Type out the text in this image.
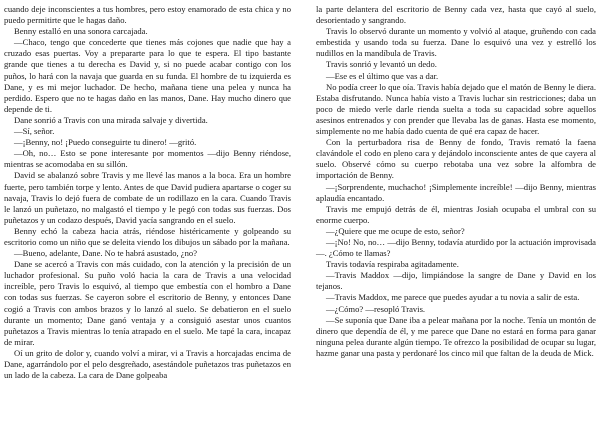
cuando deje inconscientes a tus hombres, pero estoy enamorado de esta chica y no puedo permitirte que le hagas daño.

Benny estalló en una sonora carcajada.

—Chaco, tengo que concederte que tienes más cojones que nadie que hay a cruzado esas puertas. Voy a prepararte para lo que te espera. El tipo bastante grande que tienes a tu derecha es David y, si no puede acabar contigo con los puños, lo hará con la navaja que guarda en su funda. El hombre de tu izquierda es Dane, y es mi mejor luchador. De hecho, mañana tiene una pelea y nunca ha perdido. Espero que no te hagas daño en las manos, Dane. Hay mucho dinero que depende de ti.

Dane sonrió a Travis con una mirada salvaje y divertida.

—Sí, señor.

—¡Benny, no! ¡Puedo conseguirte tu dinero! —gritó.

—Oh, no… Esto se pone interesante por momentos —dijo Benny riéndose, mientras se acomodaba en su sillón.

David se abalanzó sobre Travis y me llevé las manos a la boca. Era un hombre fuerte, pero también torpe y lento. Antes de que David pudiera apartarse o coger su navaja, Travis lo dejó fuera de combate de un rodillazo en la cara. Cuando Travis le lanzó un puñetazo, no malgastó el tiempo y le pegó con todas sus fuerzas. Dos puñetazos y un codazo después, David yacía sangrando en el suelo.

Benny echó la cabeza hacia atrás, riéndose histéricamente y golpeando su escritorio como un niño que se deleita viendo los dibujos un sábado por la mañana.

—Bueno, adelante, Dane. No te habrá asustado, ¿no?

Dane se acercó a Travis con más cuidado, con la atención y la precisión de un luchador profesional. Su puño voló hacia la cara de Travis a una velocidad increíble, pero Travis lo esquivó, al tiempo que embestía con el hombro a Dane con todas sus fuerzas. Se cayeron sobre el escritorio de Benny, y entonces Dane cogió a Travis con ambos brazos y lo lanzó al suelo. Se debatieron en el suelo durante un momento; Dane ganó ventaja y a consiguió asestar unos cuantos puñetazos a Travis mientras lo tenía atrapado en el suelo. Me tapé la cara, incapaz de mirar.

Oí un grito de dolor y, cuando volví a mirar, vi a Travis a horcajadas encima de Dane, agarrándolo por el pelo desgreñado, asestándole puñetazos tras puñetazos en un lado de la cabeza. La cara de Dane golpeaba

la parte delantera del escritorio de Benny cada vez, hasta que cayó al suelo, desorientado y sangrando.

Travis lo observó durante un momento y volvió al ataque, gruñendo con cada embestida y usando toda su fuerza. Dane lo esquivó una vez y estrelló los nudillos en la mandíbula de Travis.

Travis sonrió y levantó un dedo.

—Ese es el último que vas a dar.

No podía creer lo que oía. Travis había dejado que el matón de Benny le diera. Estaba disfrutando. Nunca había visto a Travis luchar sin restricciones; daba un poco de miedo verle darle rienda suelta a toda su capacidad sobre aquellos asesinos entrenados y con prender que llevaba las de ganas. Hasta ese momento, simplemente no me había dado cuenta de qué era capaz de hacer.

Con la perturbadora risa de Benny de fondo, Travis remató la faena clavándole el codo en pleno cara y dejándolo inconsciente antes de que cayera al suelo. Observé cómo su cuerpo rebotaba una vez sobre la alfombra de importación de Benny.

—¡Sorprendente, muchacho! ¡Simplemente increíble! —dijo Benny, mientras aplaudía encantado.

Travis me empujó detrás de él, mientras Josiah ocupaba el umbral con su enorme cuerpo.

—¿Quiere que me ocupe de esto, señor?

—¡No! No, no… —dijo Benny, todavía aturdido por la actuación improvisada—. ¿Cómo te llamas?

Travis todavía respiraba agitadamente.

—Travis Maddox —dijo, limpiándose la sangre de Dane y David en los tejanos.

—Travis Maddox, me parece que puedes ayudar a tu novia a salir de esta.

—¿Cómo? —resopló Travis.

—Se suponía que Dane iba a pelear mañana por la noche. Tenía un montón de dinero que dependía de él, y me parece que Dane no estará en forma para ganar ninguna pelea durante algún tiempo. Te ofrezco la posibilidad de ocupar su lugar, hazme ganar una pasta y perdonaré los cinco mil que faltan de la deuda de Mick.
